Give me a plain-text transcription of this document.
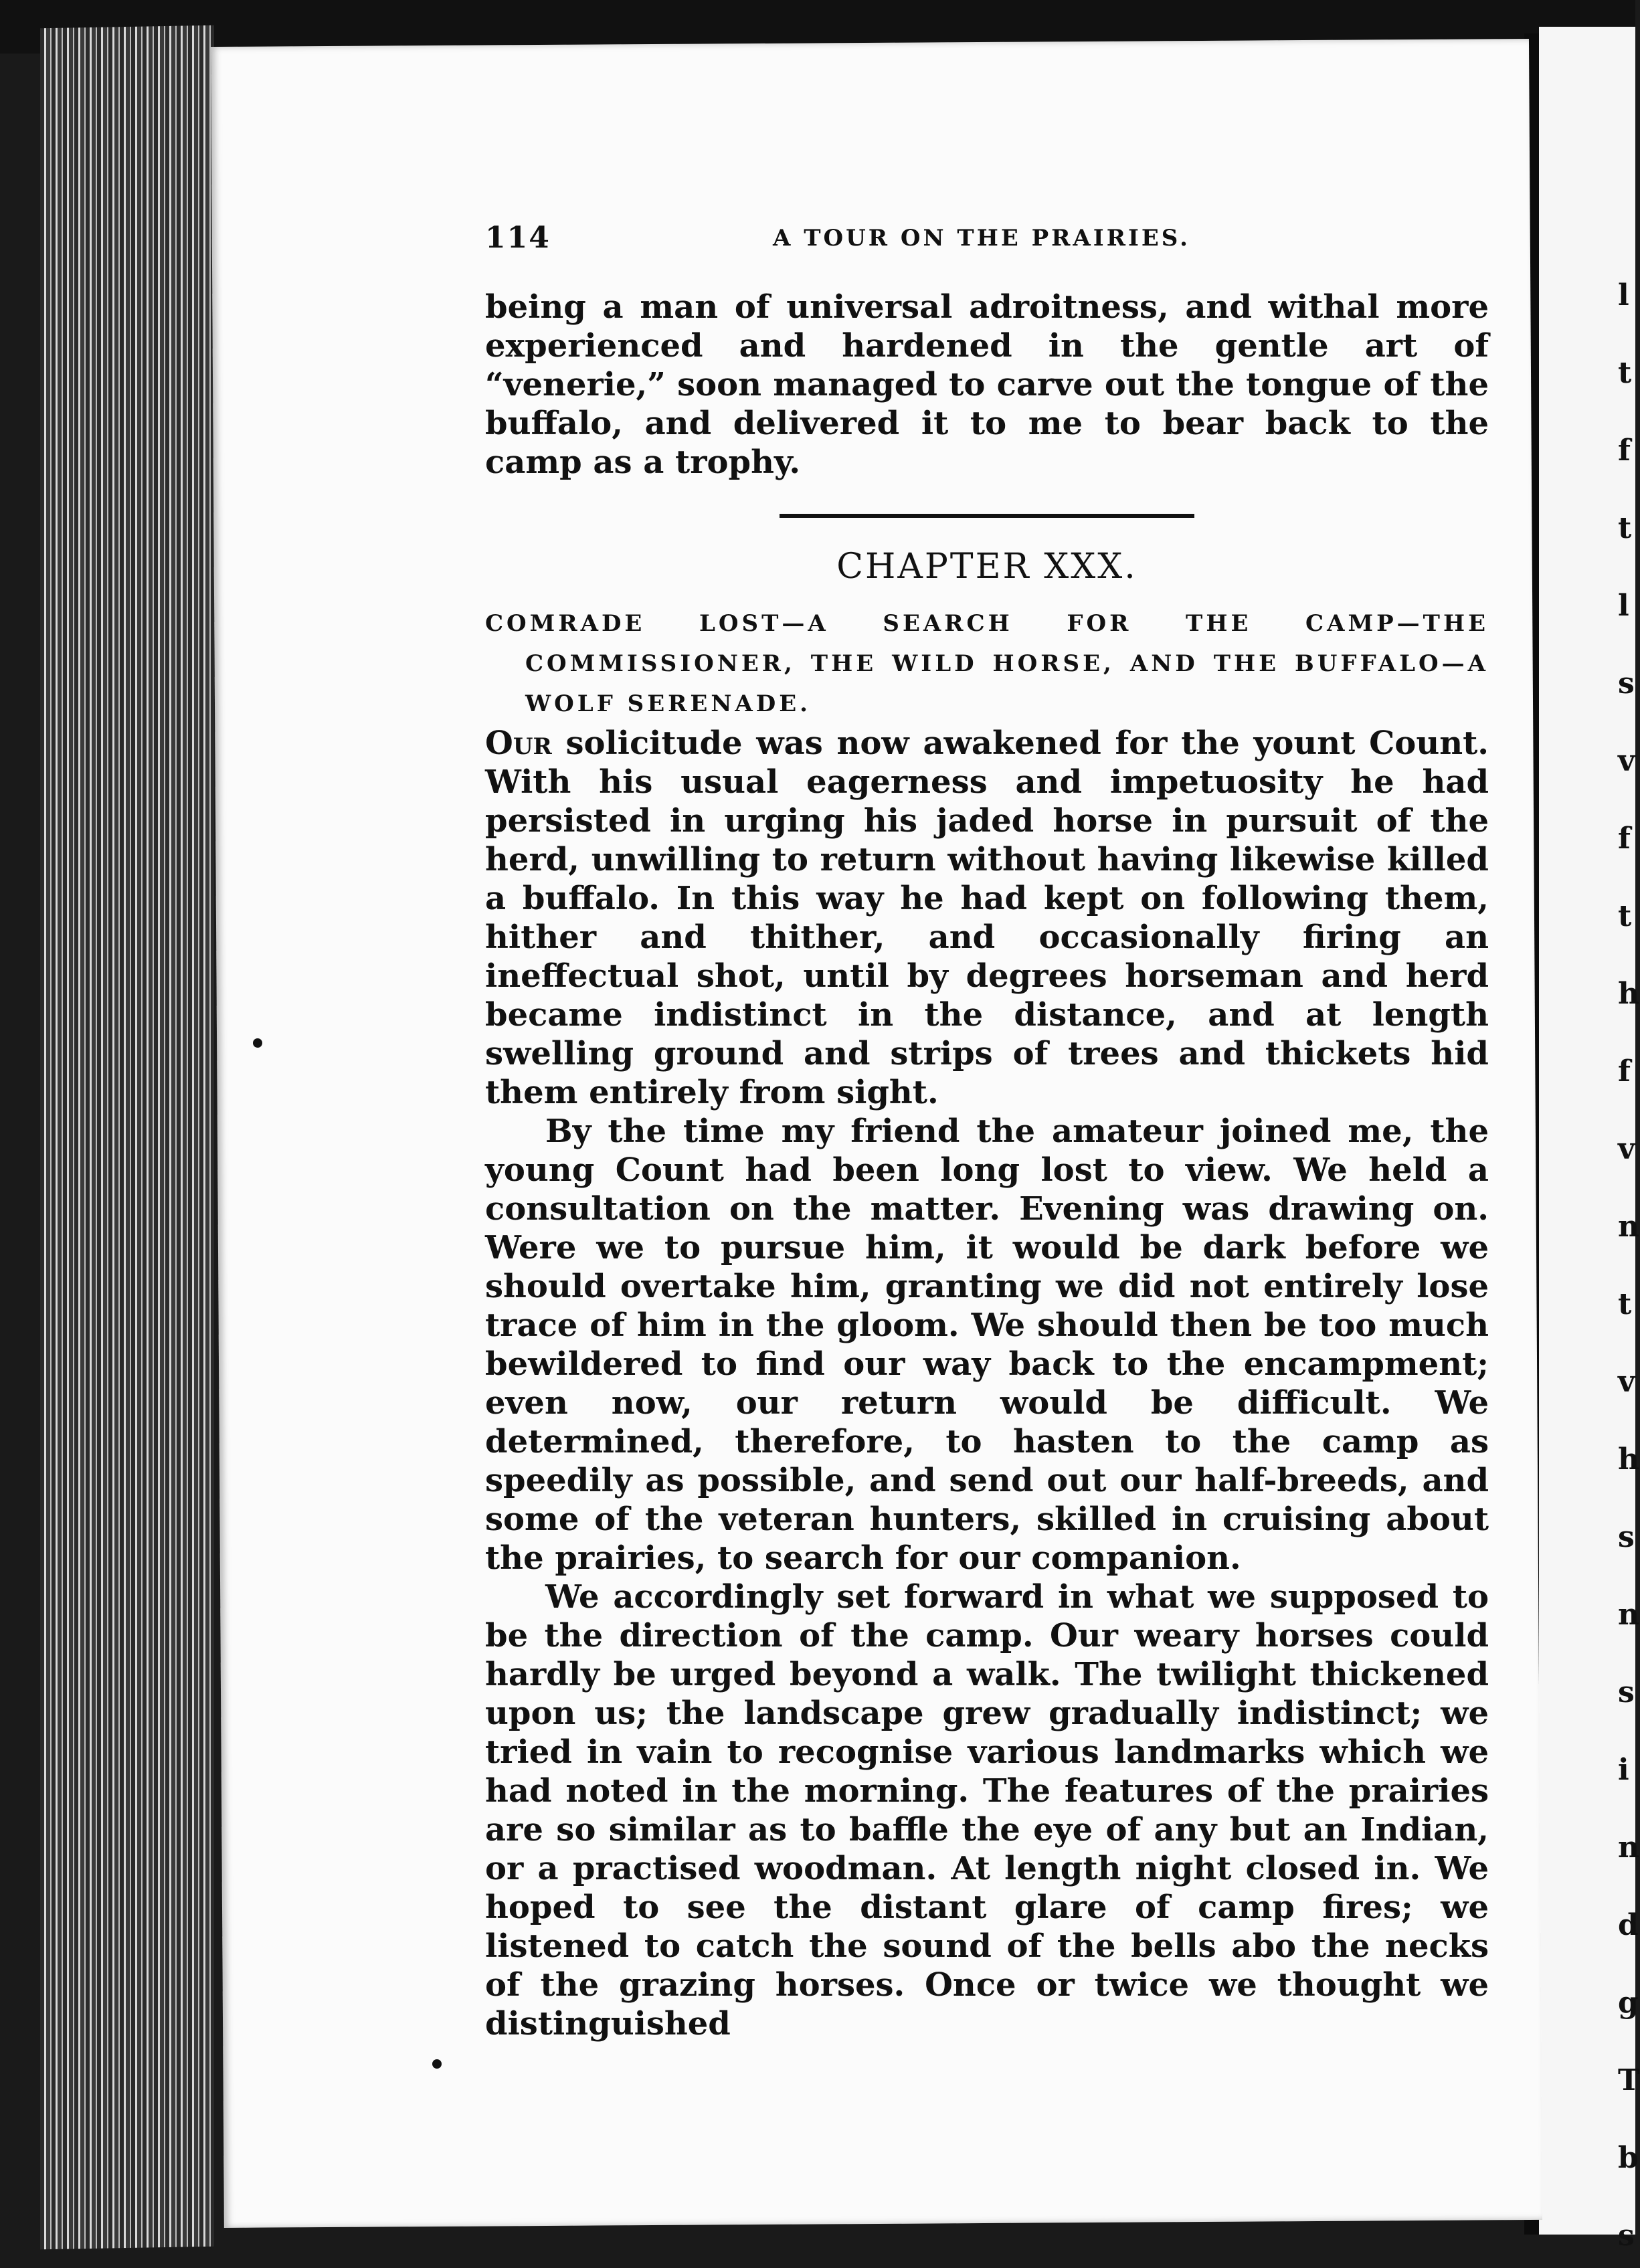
l
t
f
t
l
s
v
f
t
h
f
v
n
t
v
h
s
n
s
i
n
d
g
T
b
s
114	A TOUR ON THE PRAIRIES.

being a man of universal adroitness, and withal more experienced and hardened in the gentle art of “venerie,” soon managed to carve out the tongue of the buffalo, and delivered it to me to bear back to the camp as a trophy.

CHAPTER XXX.

COMRADE LOST—A SEARCH FOR THE CAMP—THE COMMISSIONER, THE WILD HORSE, AND THE BUFFALO—A WOLF SERENADE.

Our solicitude was now awakened for the yount Count. With his usual eagerness and impetuosity he had persisted in urging his jaded horse in pursuit of the herd, unwilling to return without having likewise killed a buffalo. In this way he had kept on following them, hither and thither, and occasionally firing an ineffectual shot, until by degrees horseman and herd became indistinct in the distance, and at length swelling ground and strips of trees and thickets hid them entirely from sight.

By the time my friend the amateur joined me, the young Count had been long lost to view. We held a consultation on the matter. Evening was drawing on. Were we to pursue him, it would be dark before we should overtake him, granting we did not entirely lose trace of him in the gloom. We should then be too much bewildered to find our way back to the encampment; even now, our return would be difficult. We determined, therefore, to hasten to the camp as speedily as possible, and send out our half-breeds, and some of the veteran hunters, skilled in cruising about the prairies, to search for our companion.

We accordingly set forward in what we supposed to be the direction of the camp. Our weary horses could hardly be urged beyond a walk. The twilight thickened upon us; the landscape grew gradually indistinct; we tried in vain to recognise various landmarks which we had noted in the morning. The features of the prairies are so similar as to baffle the eye of any but an Indian, or a practised woodman. At length night closed in. We hoped to see the distant glare of camp fires; we listened to catch the sound of the bells abo the necks of the grazing horses. Once or twice we thought we distinguished
